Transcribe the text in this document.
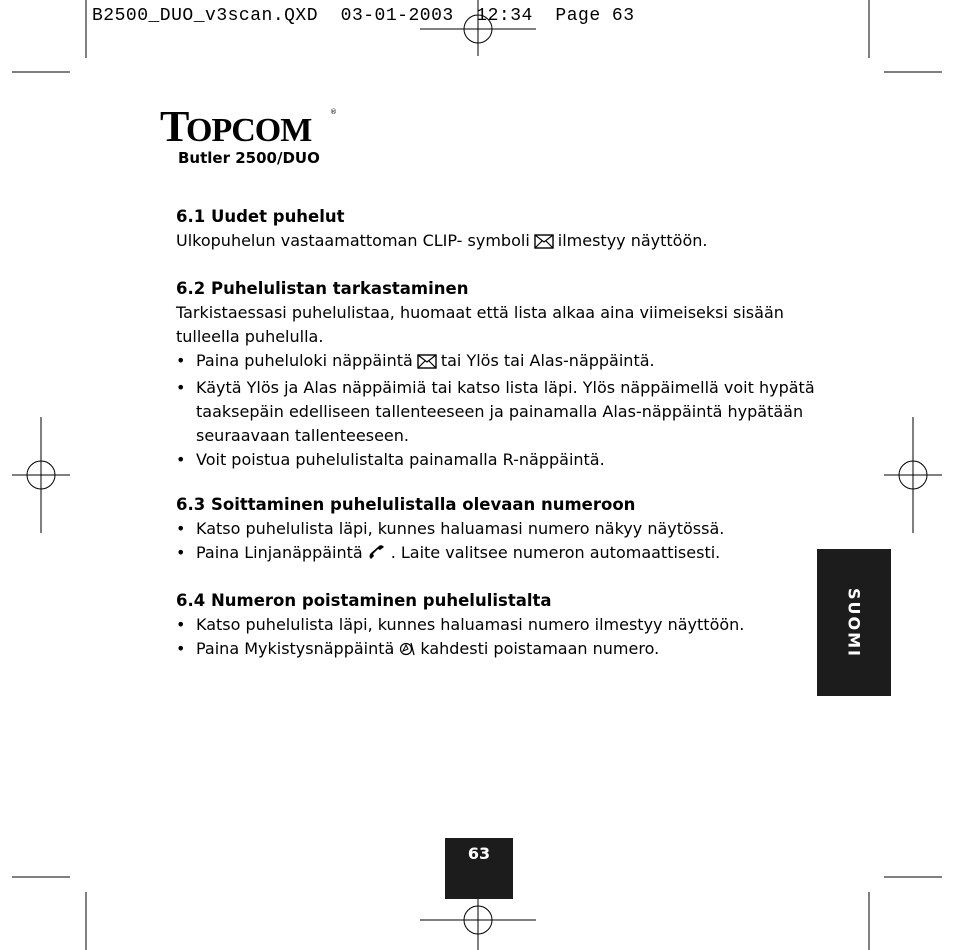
B2500_DUO_v3scan.QXD 03-01-2003 12:34 Page 63
T
OPCOM	®
Butler 2500/DUO
6.1 Uudet puhelut

Ulkopuhelun vastaamattoman CLIP- symboli ilmestyy näyttöön.

6.2 Puhelulistan tarkastaminen

Tarkistaessasi puhelulistaa, huomaat että lista alkaa aina viimeiseksi sisään tulleella puhelulla.

• Paina puheluloki näppäintä tai Ylös tai Alas-näppäintä.

• Käytä Ylös ja Alas näppäimiä tai katso lista läpi. Ylös näppäimellä voit hypätä taaksepäin edelliseen tallenteeseen ja painamalla Alas-näppäintä hypätään seuraavaan tallenteeseen.

• Voit poistua puhelulistalta painamalla R-näppäintä.

6.3 Soittaminen puhelulistalla olevaan numeroon

• Katso puhelulista läpi, kunnes haluamasi numero näkyy näytössä.

• Paina Linjanäppäintä . Laite valitsee numeron automaattisesti.

6.4 Numeron poistaminen puhelulistalta

• Katso puhelulista läpi, kunnes haluamasi numero ilmestyy näyttöön.

• Paina Mykistysnäppäintä kahdesti poistamaan numero.	SUOMI
63
